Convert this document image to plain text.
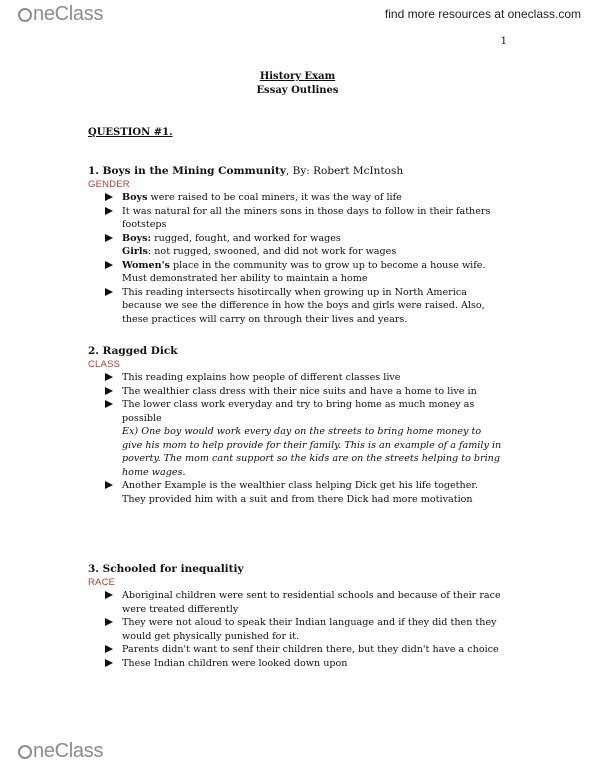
neClass	find more resources at oneclass.com
1
History Exam
Essay Outlines
QUESTION #1.
1. Boys in the Mining Community, By: Robert McIntosh
GENDER
Boys were raised to be coal miners, it was the way of life
It was natural for all the miners sons in those days to follow in their fathers footsteps
Boys: rugged, fought, and worked for wages
Girls: not rugged, swooned, and did not work for wages
Women's place in the community was to grow up to become a house wife. Must demonstrated her ability to maintain a home
This reading intersects hisotircally when growing up in North America because we see the difference in how the boys and girls were raised. Also, these practices will carry on through their lives and years.
2. Ragged Dick
CLASS
This reading explains how people of different classes live
The wealthier class dress with their nice suits and have a home to live in
The lower class work everyday and try to bring home as much money as possible
Ex) One boy would work every day on the streets to bring home money to give his mom to help provide for their family. This is an example of a family in poverty. The mom cant support so the kids are on the streets helping to bring home wages.
Another Example is the wealthier class helping Dick get his life together. They provided him with a suit and from there Dick had more motivation
3. Schooled for inequalitiy
RACE
Aboriginal children were sent to residential schools and because of their race were treated differently
They were not aloud to speak their Indian language and if they did then they would get physically punished for it.
Parents didn't want to senf their children there, but they didn't have a choice
These Indian children were looked down upon
neClass
